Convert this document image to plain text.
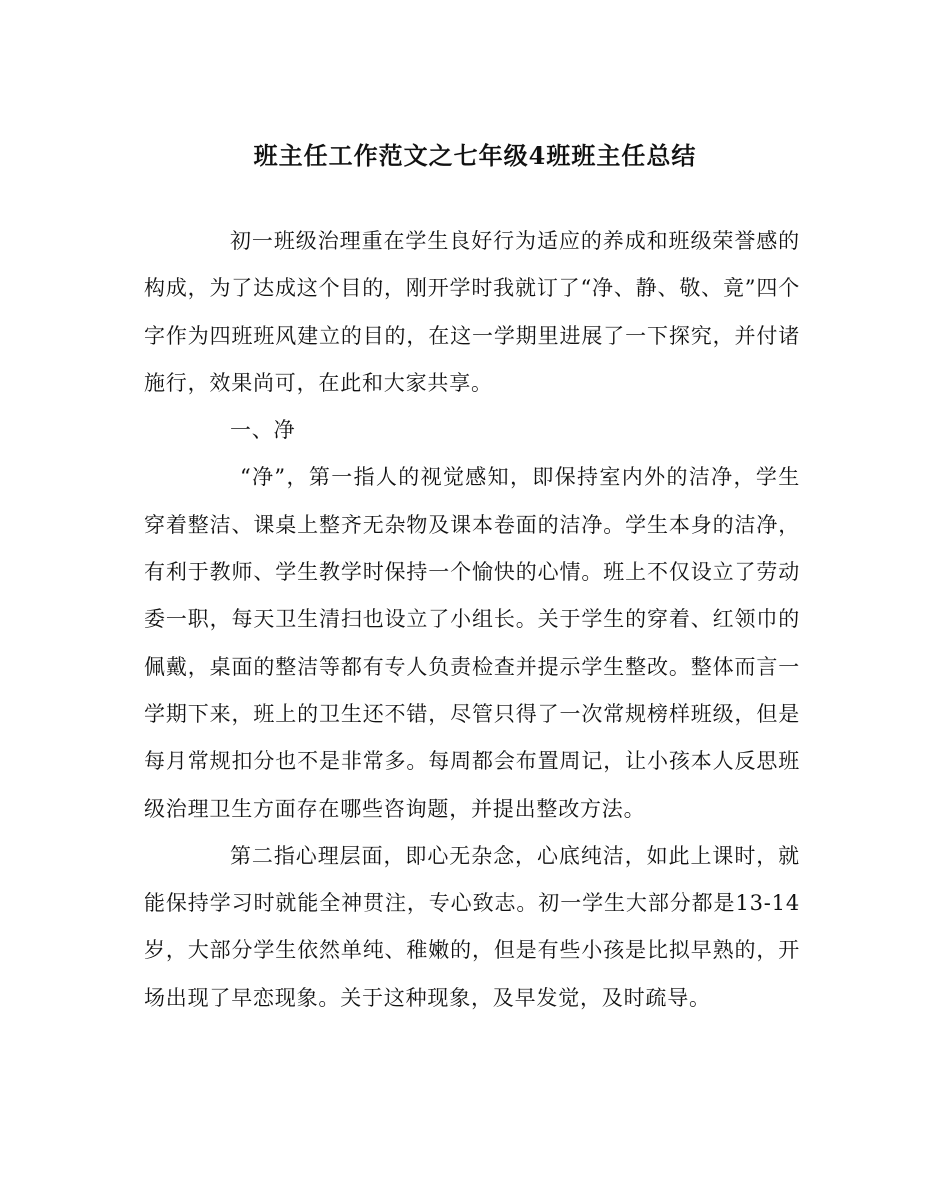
班主任工作范文之七年级4班班主任总结

初一班级治理重在学生良好行为适应的养成和班级荣誉感的构成，为了达成这个目的，刚开学时我就订了“净、静、敬、竟”四个字作为四班班风建立的目的，在这一学期里进展了一下探究，并付诸施行，效果尚可，在此和大家共享。

一、净

“净”，第一指人的视觉感知，即保持室内外的洁净，学生穿着整洁、课桌上整齐无杂物及课本卷面的洁净。学生本身的洁净，有利于教师、学生教学时保持一个愉快的心情。班上不仅设立了劳动委一职，每天卫生清扫也设立了小组长。关于学生的穿着、红领巾的佩戴，桌面的整洁等都有专人负责检查并提示学生整改。整体而言一学期下来，班上的卫生还不错，尽管只得了一次常规榜样班级，但是每月常规扣分也不是非常多。每周都会布置周记，让小孩本人反思班级治理卫生方面存在哪些咨询题，并提出整改方法。

第二指心理层面，即心无杂念，心底纯洁，如此上课时，就能保持学习时就能全神贯注，专心致志。初一学生大部分都是13-14岁，大部分学生依然单纯、稚嫩的，但是有些小孩是比拟早熟的，开场出现了早恋现象。关于这种现象，及早发觉，及时疏导。
